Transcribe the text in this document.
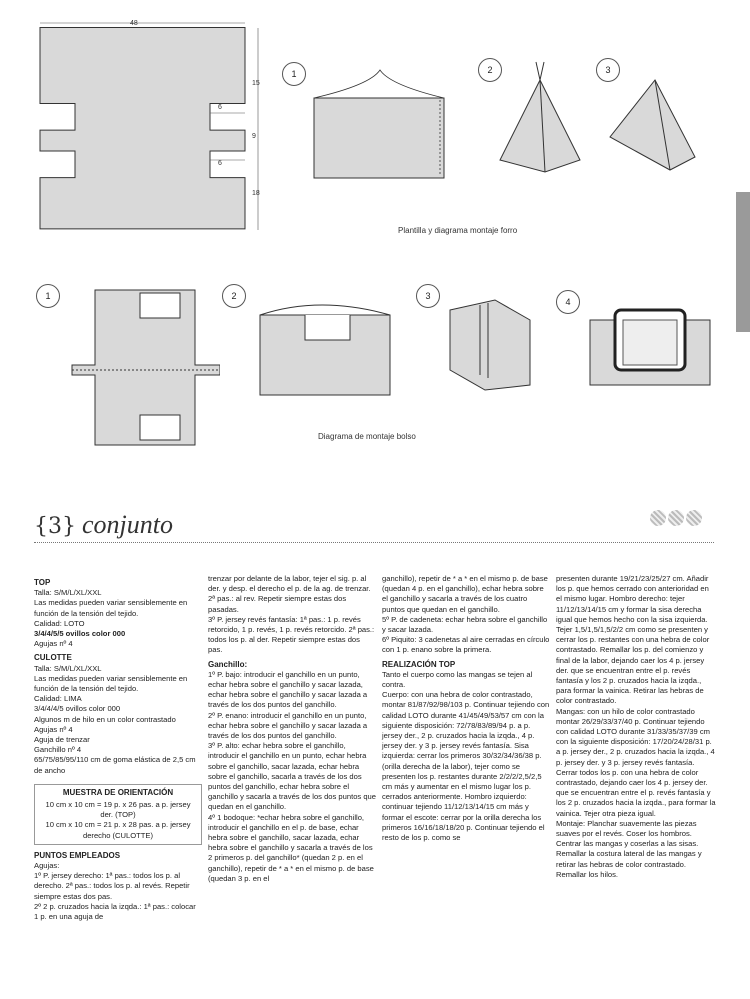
48
15
6
9
6
18
1	2	3
Plantilla y diagrama montaje forro
1	2	3
4
Diagrama de montaje bolso
{3} conjunto

TOP

Talla: S/M/L/XL/XXL

Las medidas pueden variar sensiblemente en función de la tensión del tejido.

Calidad: LOTO

3/4/4/5/5 ovillos color 000

Agujas nº 4

CULOTTE

Talla: S/M/L/XL/XXL

Las medidas pueden variar sensiblemente en función de la tensión del tejido.

Calidad: LIMA

3/4/4/4/5 ovillos color 000

Algunos m de hilo en un color contrastado

Agujas nº 4

Aguja de trenzar

Ganchillo nº 4

65/75/85/95/110 cm de goma elástica de 2,5 cm de ancho

MUESTRA DE ORIENTACIÓN
10 cm x 10 cm = 19 p. x 26 pas. a p. jersey der. (TOP)
10 cm x 10 cm = 21 p. x 28 pas. a p. jersey derecho (CULOTTE)

PUNTOS EMPLEADOS

Agujas:

1º P. jersey derecho: 1ª pas.: todos los p. al derecho. 2ª pas.: todos los p. al revés. Repetir siempre estas dos pas.

2º 2 p. cruzados hacia la izqda.: 1ª pas.: colocar 1 p. en una aguja de

trenzar por delante de la labor, tejer el sig. p. al der. y desp. el derecho el p. de la ag. de trenzar. 2ª pas.: al rev. Repetir siempre estas dos pasadas.

3º P. jersey revés fantasía: 1ª pas.: 1 p. revés retorcido, 1 p. revés, 1 p. revés retorcido. 2ª pas.: todos los p. al der. Repetir siempre estas dos pas.

Ganchillo:

1º P. bajo: introducir el ganchillo en un punto, echar hebra sobre el ganchillo y sacar lazada, echar hebra sobre el ganchillo y sacar lazada a través de los dos puntos del ganchillo.

2º P. enano: introducir el ganchillo en un punto, echar hebra sobre el ganchillo y sacar lazada a través de los dos puntos del ganchillo.

3º P. alto: echar hebra sobre el ganchillo, introducir el ganchillo en un punto, echar hebra sobre el ganchillo, sacar lazada, echar hebra sobre el ganchillo, sacarla a través de los dos puntos del ganchillo, echar hebra sobre el ganchillo y sacarla a través de los dos puntos que quedan en el ganchillo.

4º 1 bodoque: *echar hebra sobre el ganchillo, introducir el ganchillo en el p. de base, echar hebra sobre el ganchillo, sacar lazada, echar hebra sobre el ganchillo y sacarla a través de los 2 primeros p. del ganchillo* (quedan 2 p. en el ganchillo), repetir de * a * en el mismo p. de base (quedan 3 p. en el

ganchillo), repetir de * a * en el mismo p. de base (quedan 4 p. en el ganchillo), echar hebra sobre el ganchillo y sacarla a través de los cuatro puntos que quedan en el ganchillo.

5º P. de cadeneta: echar hebra sobre el ganchillo y sacar lazada.

6º Piquito: 3 cadenetas al aire cerradas en círculo con 1 p. enano sobre la primera.

REALIZACIÓN TOP

Tanto el cuerpo como las mangas se tejen al contra.

Cuerpo: con una hebra de color contrastado, montar 81/87/92/98/103 p. Continuar tejiendo con calidad LOTO durante 41/45/49/53/57 cm con la siguiente disposición: 72/78/83/89/94 p. a p. jersey der., 2 p. cruzados hacia la izqda., 4 p. jersey der. y 3 p. jersey revés fantasía. Sisa izquierda: cerrar los primeros 30/32/34/36/38 p. (orilla derecha de la labor), tejer como se presenten los p. restantes durante 2/2/2/2,5/2,5 cm más y aumentar en el mismo lugar los p. cerrados anteriormente. Hombro izquierdo: continuar tejiendo 11/12/13/14/15 cm más y formar el escote: cerrar por la orilla derecha los primeros 16/16/18/18/20 p. Continuar tejiendo el resto de los p. como se

presenten durante 19/21/23/25/27 cm. Añadir los p. que hemos cerrado con anterioridad en el mismo lugar. Hombro derecho: tejer 11/12/13/14/15 cm y formar la sisa derecha igual que hemos hecho con la sisa izquierda. Tejer 1,5/1,5/1,5/2/2 cm como se presenten y cerrar los p. restantes con una hebra de color contrastado. Remallar los p. del comienzo y final de la labor, dejando caer los 4 p. jersey der. que se encuentran entre el p. revés fantasía y los 2 p. cruzados hacia la izqda., para formar la vainica. Retirar las hebras de color contrastado.

Mangas: con un hilo de color contrastado montar 26/29/33/37/40 p. Continuar tejiendo con calidad LOTO durante 31/33/35/37/39 cm con la siguiente disposición: 17/20/24/28/31 p. a p. jersey der., 2 p. cruzados hacia la izqda., 4 p. jersey der. y 3 p. jersey revés fantasía. Cerrar todos los p. con una hebra de color contrastado, dejando caer los 4 p. jersey der. que se encuentran entre el p. revés fantasía y los 2 p. cruzados hacia la izqda., para formar la vainica. Tejer otra pieza igual.

Montaje: Planchar suavemente las piezas suaves por el revés. Coser los hombros. Centrar las mangas y coserlas a las sisas. Remallar la costura lateral de las mangas y retirar las hebras de color contrastado. Remallar los hilos.
